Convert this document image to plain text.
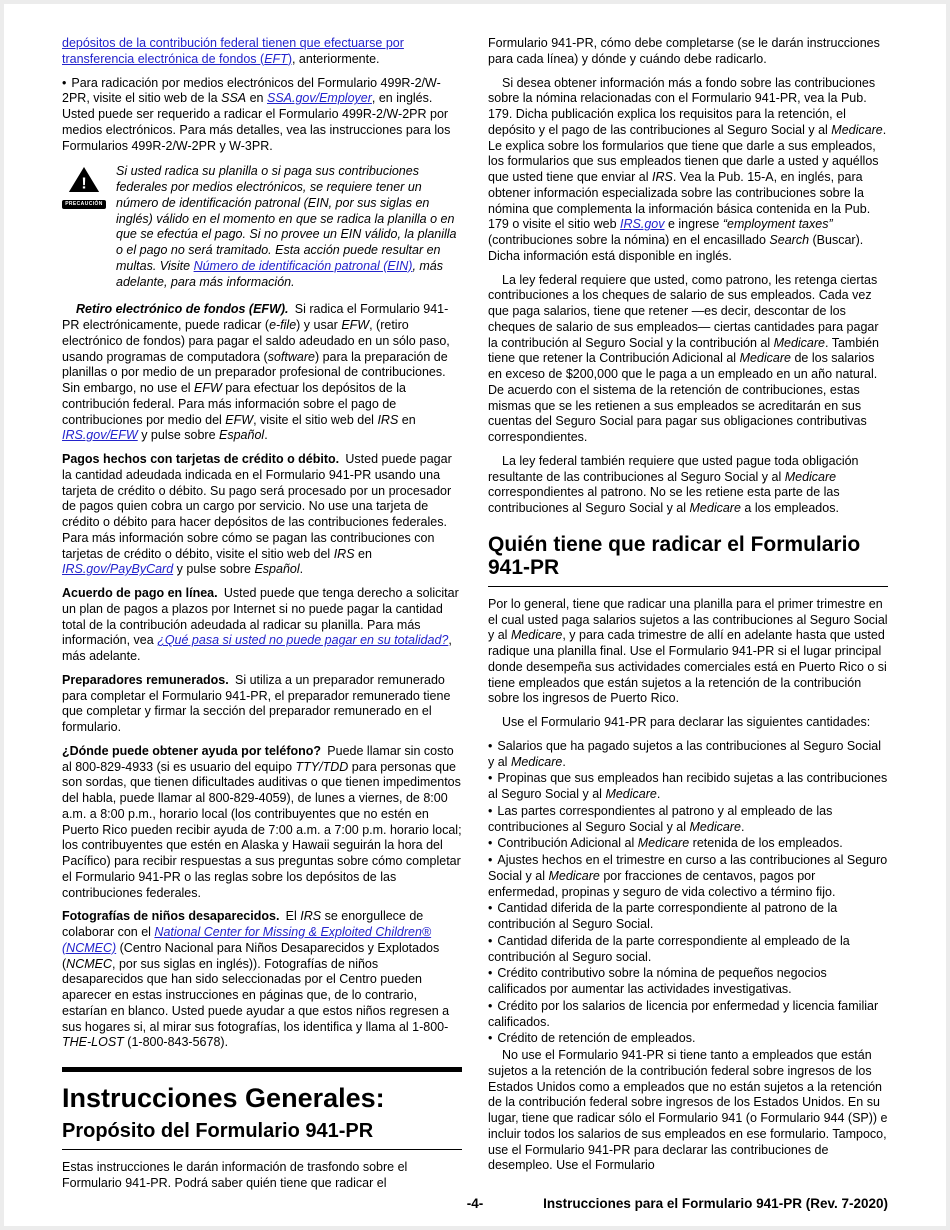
depósitos de la contribución federal tienen que efectuarse por transferencia electrónica de fondos (EFT), anteriormente.

• Para radicación por medios electrónicos del Formulario 499R-2/W-2PR, visite el sitio web de la SSA en SSA.gov/Employer, en inglés. Usted puede ser requerido a radicar el Formulario 499R-2/W-2PR por medios electrónicos. Para más detalles, vea las instrucciones para los Formularios 499R-2/W-2PR y W-3PR.

!
PRECAUCIÓN
Si usted radica su planilla o si paga sus contribuciones federales por medios electrónicos, se requiere tener un número de identificación patronal (EIN, por sus siglas en inglés) válido en el momento en que se radica la planilla o en que se efectúa el pago. Si no provee un EIN válido, la planilla o el pago no será tramitado. Esta acción puede resultar en multas. Visite Número de identificación patronal (EIN), más adelante, para más información.

Retiro electrónico de fondos (EFW). Si radica el Formulario 941-PR electrónicamente, puede radicar (e-file) y usar EFW, (retiro electrónico de fondos) para pagar el saldo adeudado en un sólo paso, usando programas de computadora (software) para la preparación de planillas o por medio de un preparador profesional de contribuciones. Sin embargo, no use el EFW para efectuar los depósitos de la contribución federal. Para más información sobre el pago de contribuciones por medio del EFW, visite el sitio web del IRS en IRS.gov/EFW y pulse sobre Español.

Pagos hechos con tarjetas de crédito o débito. Usted puede pagar la cantidad adeudada indicada en el Formulario 941-PR usando una tarjeta de crédito o débito. Su pago será procesado por un procesador de pagos quien cobra un cargo por servicio. No use una tarjeta de crédito o débito para hacer depósitos de las contribuciones federales. Para más información sobre cómo se pagan las contribuciones con tarjetas de crédito o débito, visite el sitio web del IRS en IRS.gov/PayByCard y pulse sobre Español.

Acuerdo de pago en línea. Usted puede que tenga derecho a solicitar un plan de pagos a plazos por Internet si no puede pagar la cantidad total de la contribución adeudada al radicar su planilla. Para más información, vea ¿Qué pasa si usted no puede pagar en su totalidad?, más adelante.

Preparadores remunerados. Si utiliza a un preparador remunerado para completar el Formulario 941-PR, el preparador remunerado tiene que completar y firmar la sección del preparador remunerado en el formulario.

¿Dónde puede obtener ayuda por teléfono? Puede llamar sin costo al 800-829-4933 (si es usuario del equipo TTY/TDD para personas que son sordas, que tienen dificultades auditivas o que tienen impedimentos del habla, puede llamar al 800-829-4059), de lunes a viernes, de 8:00 a.m. a 8:00 p.m., horario local (los contribuyentes que no estén en Puerto Rico pueden recibir ayuda de 7:00 a.m. a 7:00 p.m. horario local; los contribuyentes que estén en Alaska y Hawaii seguirán la hora del Pacífico) para recibir respuestas a sus preguntas sobre cómo completar el Formulario 941-PR o las reglas sobre los depósitos de las contribuciones federales.

Fotografías de niños desaparecidos. El IRS se enorgullece de colaborar con el National Center for Missing & Exploited Children® (NCMEC) (Centro Nacional para Niños Desaparecidos y Explotados (NCMEC, por sus siglas en inglés)). Fotografías de niños desaparecidos que han sido seleccionadas por el Centro pueden aparecer en estas instrucciones en páginas que, de lo contrario, estarían en blanco. Usted puede ayudar a que estos niños regresen a sus hogares si, al mirar sus fotografías, los identifica y llama al 1-800-THE-LOST (1-800-843-5678).

Instrucciones Generales:
Propósito del Formulario 941-PR

Estas instrucciones le darán información de trasfondo sobre el Formulario 941-PR. Podrá saber quién tiene que radicar el

Formulario 941-PR, cómo debe completarse (se le darán instrucciones para cada línea) y dónde y cuándo debe radicarlo.

Si desea obtener información más a fondo sobre las contribuciones sobre la nómina relacionadas con el Formulario 941-PR, vea la Pub. 179. Dicha publicación explica los requisitos para la retención, el depósito y el pago de las contribuciones al Seguro Social y al Medicare. Le explica sobre los formularios que tiene que darle a sus empleados, los formularios que sus empleados tienen que darle a usted y aquéllos que usted tiene que enviar al IRS. Vea la Pub. 15-A, en inglés, para obtener información especializada sobre las contribuciones sobre la nómina que complementa la información básica contenida en la Pub. 179 o visite el sitio web IRS.gov e ingrese “employment taxes” (contribuciones sobre la nómina) en el encasillado Search (Buscar). Dicha información está disponible en inglés.

La ley federal requiere que usted, como patrono, les retenga ciertas contribuciones a los cheques de salario de sus empleados. Cada vez que paga salarios, tiene que retener —es decir, descontar de los cheques de salario de sus empleados— ciertas cantidades para pagar la contribución al Seguro Social y la contribución al Medicare. También tiene que retener la Contribución Adicional al Medicare de los salarios en exceso de $200,000 que le paga a un empleado en un año natural. De acuerdo con el sistema de la retención de contribuciones, estas mismas que se les retienen a sus empleados se acreditarán en sus cuentas del Seguro Social para pagar sus obligaciones contributivas correspondientes.

La ley federal también requiere que usted pague toda obligación resultante de las contribuciones al Seguro Social y al Medicare correspondientes al patrono. No se les retiene esta parte de las contribuciones al Seguro Social y al Medicare a los empleados.

Quién tiene que radicar el Formulario 941-PR

Por lo general, tiene que radicar una planilla para el primer trimestre en el cual usted paga salarios sujetos a las contribuciones al Seguro Social y al Medicare, y para cada trimestre de allí en adelante hasta que usted radique una planilla final. Use el Formulario 941-PR si el lugar principal donde desempeña sus actividades comerciales está en Puerto Rico o si tiene empleados que están sujetos a la retención de la contribución sobre los ingresos de Puerto Rico.

Use el Formulario 941-PR para declarar las siguientes cantidades:

• Salarios que ha pagado sujetos a las contribuciones al Seguro Social y al Medicare.

• Propinas que sus empleados han recibido sujetas a las contribuciones al Seguro Social y al Medicare.

• Las partes correspondientes al patrono y al empleado de las contribuciones al Seguro Social y al Medicare.

• Contribución Adicional al Medicare retenida de los empleados.

• Ajustes hechos en el trimestre en curso a las contribuciones al Seguro Social y al Medicare por fracciones de centavos, pagos por enfermedad, propinas y seguro de vida colectivo a término fijo.

• Cantidad diferida de la parte correspondiente al patrono de la contribución al Seguro Social.

• Cantidad diferida de la parte correspondiente al empleado de la contribución al Seguro social.

• Crédito contributivo sobre la nómina de pequeños negocios calificados por aumentar las actividades investigativas.

• Crédito por los salarios de licencia por enfermedad y licencia familiar calificados.

• Crédito de retención de empleados.

No use el Formulario 941-PR si tiene tanto a empleados que están sujetos a la retención de la contribución federal sobre ingresos de los Estados Unidos como a empleados que no están sujetos a la retención de la contribución federal sobre ingresos de los Estados Unidos. En su lugar, tiene que radicar sólo el Formulario 941 (o Formulario 944 (SP)) e incluir todos los salarios de sus empleados en ese formulario. Tampoco, use el Formulario 941-PR para declarar las contribuciones de desempleo. Use el Formulario

-4-	Instrucciones para el Formulario 941-PR (Rev. 7-2020)
